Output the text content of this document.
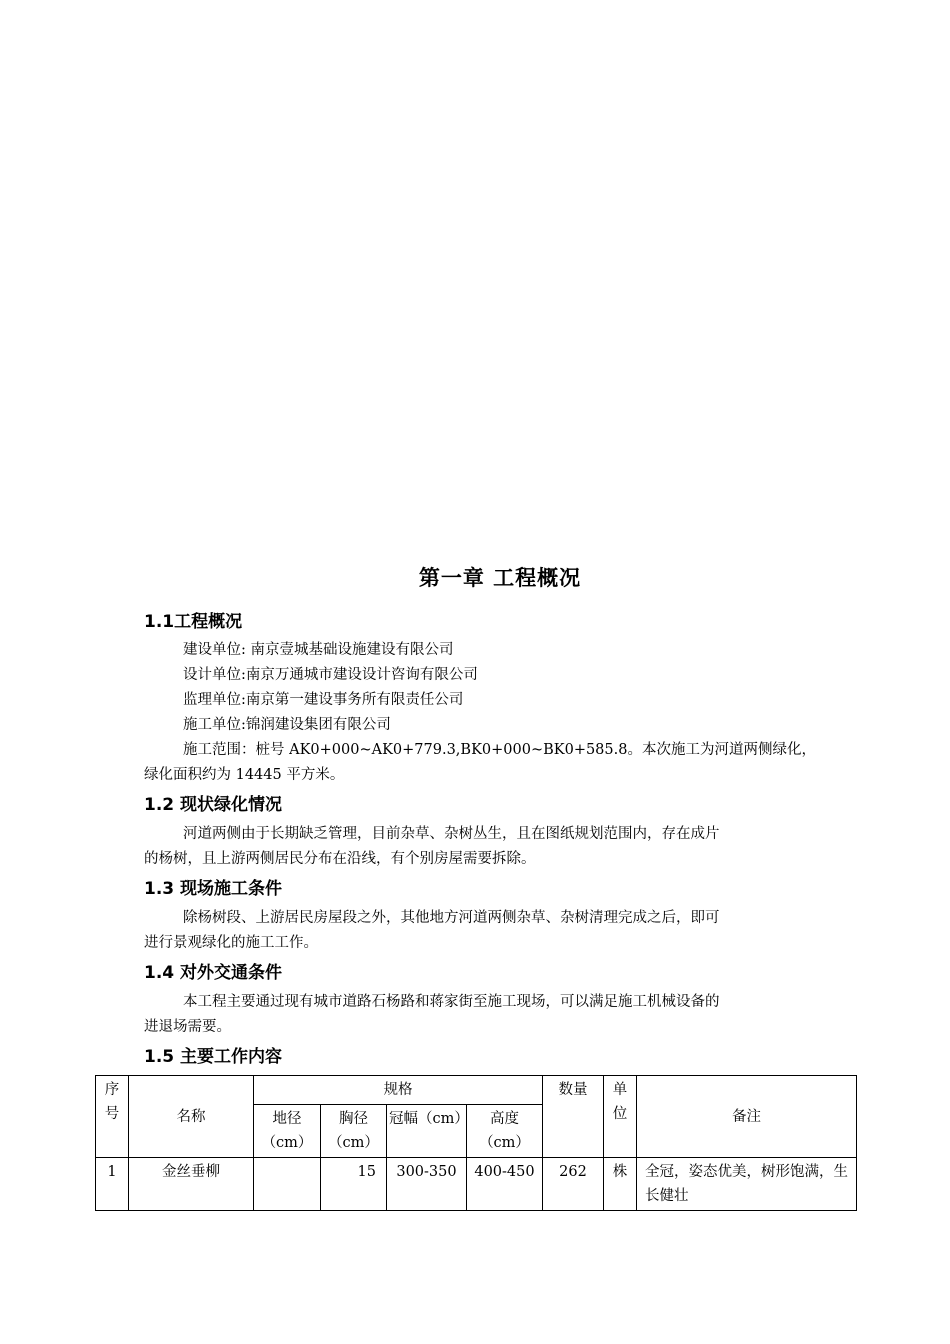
第一章 工程概况
1.1工程概况
建设单位: 南京壹城基础设施建设有限公司
设计单位:南京万通城市建设设计咨询有限公司
监理单位:南京第一建设事务所有限责任公司
施工单位:锦润建设集团有限公司
施工范围：桩号 AK0+000~AK0+779.3,BK0+000~BK0+585.8。本次施工为河道两侧绿化，
绿化面积约为 14445 平方米。
1.2 现状绿化情况
河道两侧由于长期缺乏管理，目前杂草、杂树丛生，且在图纸规划范围内，存在成片
的杨树，且上游两侧居民分布在沿线，有个别房屋需要拆除。
1.3 现场施工条件
除杨树段、上游居民房屋段之外，其他地方河道两侧杂草、杂树清理完成之后，即可
进行景观绿化的施工工作。
1.4 对外交通条件
本工程主要通过现有城市道路石杨路和蒋家街至施工现场，可以满足施工机械设备的
进退场需要。
1.5 主要工作内容
序号	名称	规格				数量	单位	备注
		地径（cm）	胸径（cm）	冠幅（cm）	高度（cm）			
1	金丝垂柳		15	300-350	400-450	262	株	全冠，姿态优美，树形饱满，生长健壮
